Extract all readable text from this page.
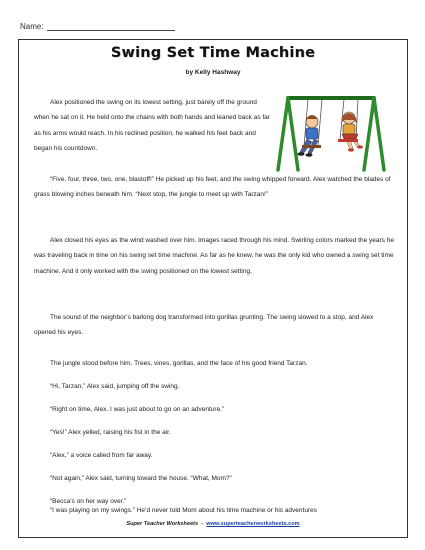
Name:
Swing Set Time Machine
by Kelly Hashway

Alex positioned the swing on its lowest setting, just barely off the ground when he sat on it. He held onto the chains with both hands and leaned back as far as his arms would reach. In his reclined position, he walked his feet back and began his countdown.

“Five, four, three, two, one, blastoff!” He picked up his feet, and the swing whipped forward. Alex watched the blades of grass blowing inches beneath him. “Next stop, the jungle to meet up with Tarzan!”

Alex closed his eyes as the wind washed over him. Images raced through his mind. Swirling colors marked the years he was traveling back in time on his swing set time machine. As far as he knew, he was the only kid who owned a swing set time machine. And it only worked with the swing positioned on the lowest setting.

The sound of the neighbor’s barking dog transformed into gorillas grunting. The swing slowed to a stop, and Alex opened his eyes.

The jungle stood before him. Trees, vines, gorillas, and the face of his good friend Tarzan.

“Hi, Tarzan,” Alex said, jumping off the swing.

“Right on time, Alex. I was just about to go on an adventure.”

“Yes!” Alex yelled, raising his fist in the air.

“Alex,” a voice called from far away.

“Not again,” Alex said, turning toward the house. “What, Mom?”

“Becca’s on her way over.”

“I was playing on my swings.” He’d never told Mom about his time machine or his adventures

Super Teacher Worksheets - www.superteacherworksheets.com
